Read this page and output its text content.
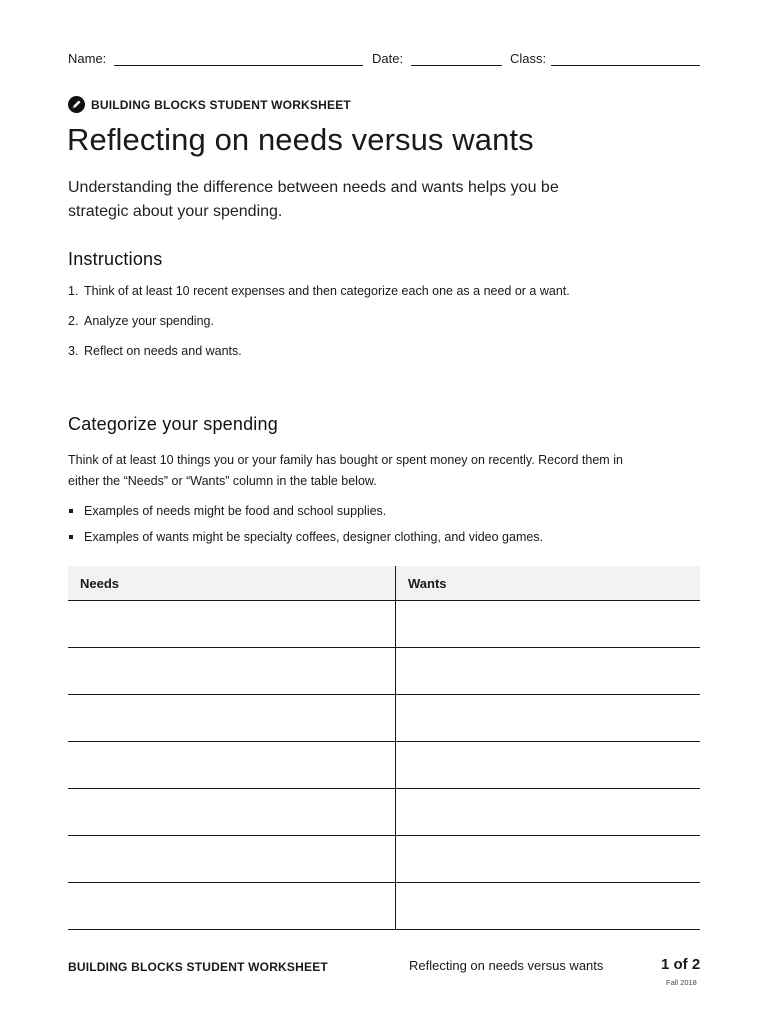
Name:	Date:	Class:
BUILDING BLOCKS STUDENT WORKSHEET
Reflecting on needs versus wants

Understanding the difference between needs and wants helps you be strategic about your spending.

Instructions
1. Think of at least 10 recent expenses and then categorize each one as a need or a want.
2. Analyze your spending.
3. Reflect on needs and wants.
Categorize your spending

Think of at least 10 things you or your family has bought or spent money on recently. Record them in either the “Needs” or “Wants” column in the table below.

Examples of needs might be food and school supplies.
Examples of wants might be specialty coffees, designer clothing, and video games.
Needs	Wants

BUILDING BLOCKS STUDENT WORKSHEET	Reflecting on needs versus wants	1 of 2
Fall 2018
